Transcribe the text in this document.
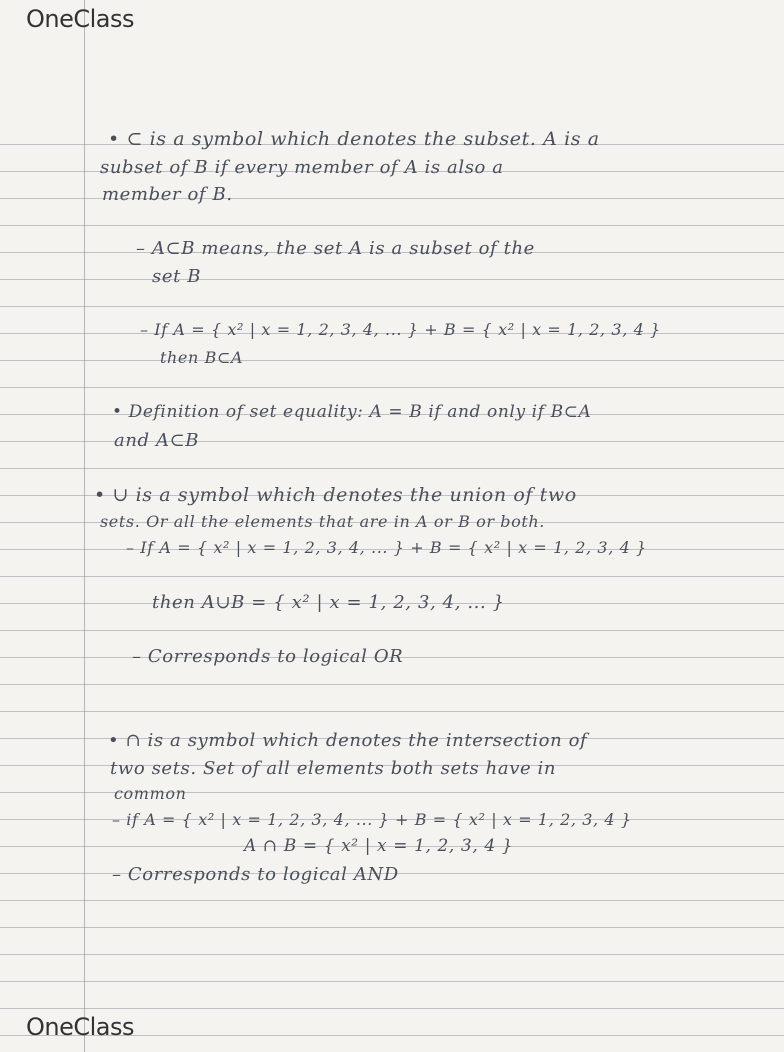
OneClass
• ⊂ is a symbol which denotes the subset. A is a
subset of B if every member of A is also a
member of B.
– A⊂B means, the set A is a subset of the
set B
– If A = { x² | x = 1, 2, 3, 4, ... } + B = { x² | x = 1, 2, 3, 4 }
then B⊂A
• Definition of set equality: A = B if and only if B⊂A
and A⊂B
• ∪ is a symbol which denotes the union of two
sets. Or all the elements that are in A or B or both.
– If A = { x² | x = 1, 2, 3, 4, ... } + B = { x² | x = 1, 2, 3, 4 }
then A∪B = { x² | x = 1, 2, 3, 4, ... }
– Corresponds to logical OR
• ∩ is a symbol which denotes the intersection of
two sets. Set of all elements both sets have in
common
– if A = { x² | x = 1, 2, 3, 4, ... } + B = { x² | x = 1, 2, 3, 4 }
A ∩ B = { x² | x = 1, 2, 3, 4 }
– Corresponds to logical AND
OneClass
